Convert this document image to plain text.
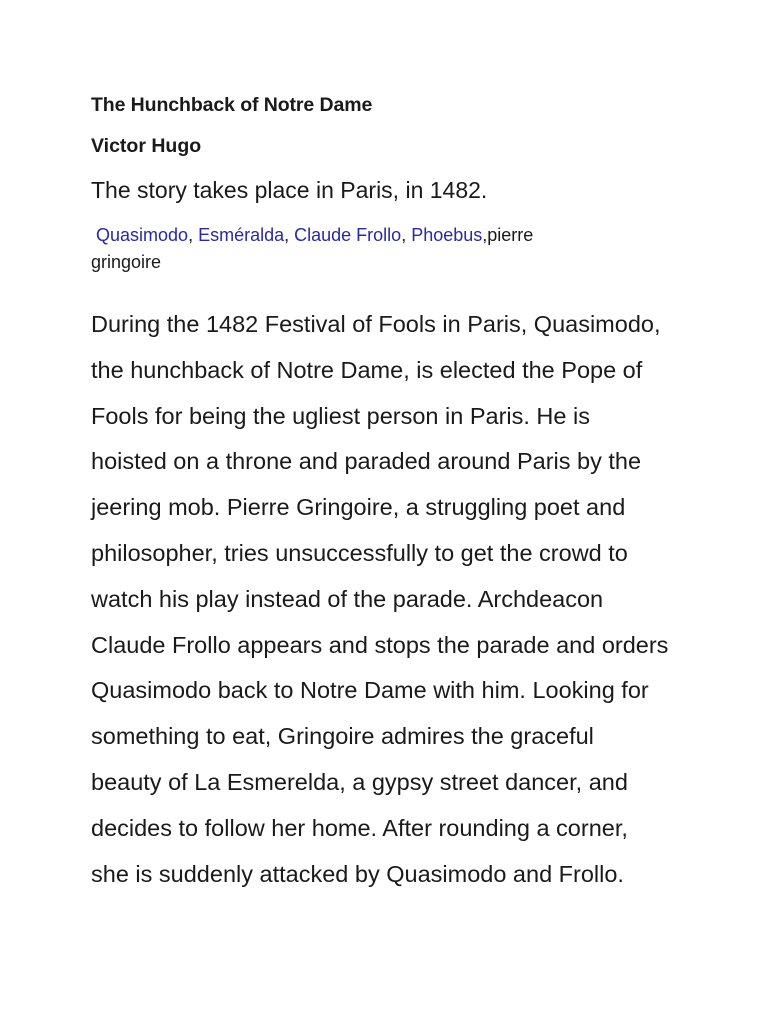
The Hunchback of Notre Dame
Victor Hugo
The story takes place in Paris, in 1482.
Quasimodo, Esméralda, Claude Frollo, Phoebus,pierre
gringoire
During the 1482 Festival of Fools in Paris, Quasimodo,
the hunchback of Notre Dame, is elected the Pope of
Fools for being the ugliest person in Paris. He is
hoisted on a throne and paraded around Paris by the
jeering mob. Pierre Gringoire, a struggling poet and
philosopher, tries unsuccessfully to get the crowd to
watch his play instead of the parade. Archdeacon
Claude Frollo appears and stops the parade and orders
Quasimodo back to Notre Dame with him. Looking for
something to eat, Gringoire admires the graceful
beauty of La Esmerelda, a gypsy street dancer, and
decides to follow her home. After rounding a corner,
she is suddenly attacked by Quasimodo and Frollo.
